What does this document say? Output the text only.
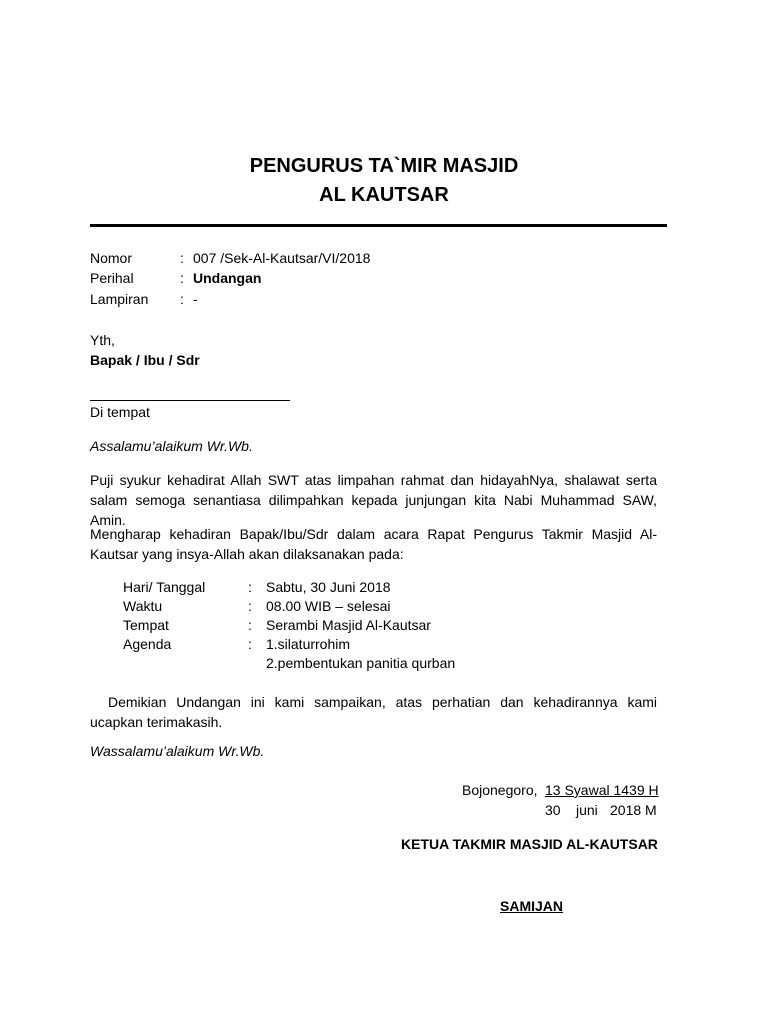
PENGURUS TA`MIR MASJID
AL KAUTSAR
Nomor	: 007 /Sek-Al-Kautsar/VI/2018
Perihal	: Undangan
Lampiran : -
Yth,
Bapak / Ibu / Sdr
Di tempat
Assalamu’alaikum Wr.Wb.
Puji syukur kehadirat Allah SWT atas limpahan rahmat dan hidayahNya, shalawat serta salam semoga senantiasa dilimpahkan kepada junjungan kita Nabi Muhammad SAW, Amin.
Mengharap kehadiran Bapak/Ibu/Sdr dalam acara Rapat Pengurus Takmir Masjid Al-Kautsar yang insya-Allah akan dilaksanakan pada:
Hari/ Tanggal	: Sabtu, 30 Juni 2018
Waktu	: 08.00 WIB – selesai
Tempat	: Serambi Masjid Al-Kautsar
Agenda	: 1.silaturrohim
2.pembentukan panitia qurban
Demikian Undangan ini kami sampaikan, atas perhatian dan kehadirannya kami ucapkan terimakasih.
Wassalamu’alaikum Wr.Wb.
Bojonegoro, 13 Syawal 1439 H
30 juni 2018 M
KETUA TAKMIR MASJID AL-KAUTSAR
SAMIJAN
